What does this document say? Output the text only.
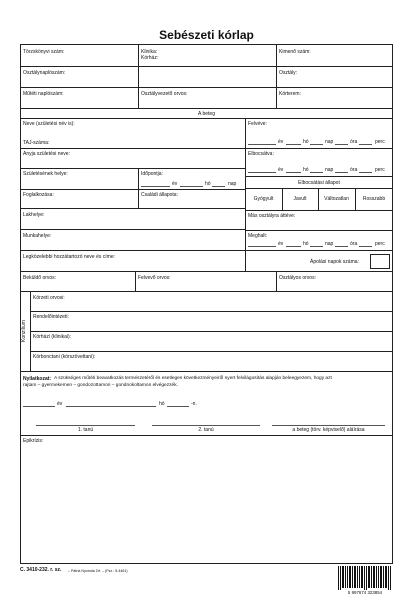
Sebészeti kórlap
Törzskönyvi szám:	Klinika:
Kórház:
Kimenő szám:
Osztálynaplószám:	Osztály:
Műtéti naplószám:	Osztályvezető orvos:	Kórterem:
A beteg
Neve (születési név is):
TAJ-száma:
Anyja születési neve:
Születésének helye:	Időpontja:
év	hó	nap
Foglalkozása:	Családi állapota:
Lakhelye:
Munkahelye:
Legközelebbi hozzátartozó neve és címe:
Felvéve:
év	hó	nap	óra	perc
Elbocsátva:
év	hó	nap	óra	perc
Elbocsátási állapot
Gyógyult	Javult	Változatlan	Rosszabb
Más osztályra áttéve:
Meghalt:
év	hó	nap	óra	perc
Ápolási napok száma:
Beküldő orvos:	Felvevő orvos:	Osztályos orvos:
Konzílium
Körzeti orvosi:
Rendelőintézeti:
Kórházi (klinikai):
Kórbonctani (kórszövettani):
Nyilatkozat: A szükséges műtéti beavatkozás természetéről és esetleges következményeiről nyert felvilágosítás alapján beleegyezem, hogy azt
rajtam – gyermekemen – gondozottamon – gondnokoltamon elvégezzék.
év	hó	-n.
1. tanú	2. tanú	a beteg (törv. képviselő) aláírása
Epikrízis:
C. 3410-232. r. sz. – Pátria Nyomda Zrt. – (Fsz.: 5-4461)
5 997674 323854
